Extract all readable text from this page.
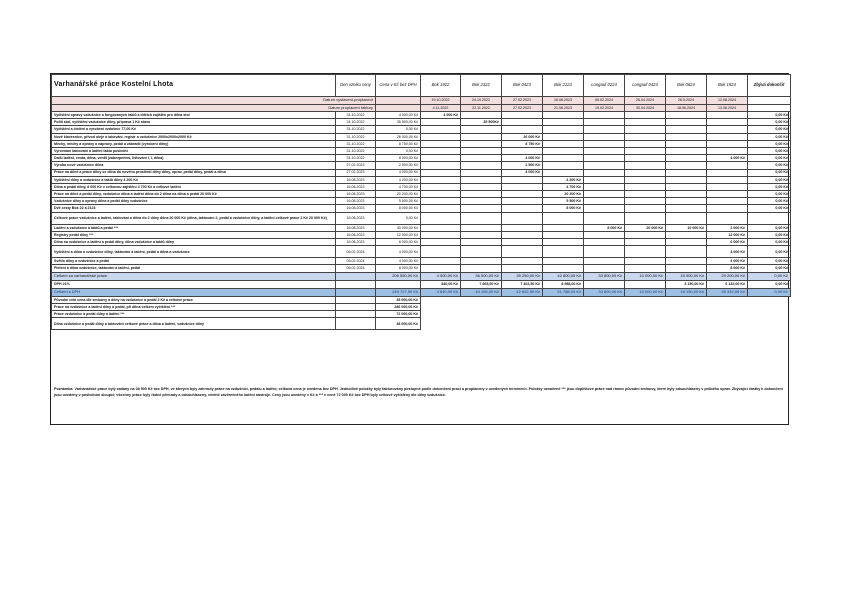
Varhanářské práce Kostelní Lhota	Den vzniku ceny	Cena v Kč bez DPH	Bok 1922	Bok 2322	Bok 0423	Bok 2123	Longauf 0224	Longauf 0424	Bok 0624	Bok 1524	Zbývá dokončit
Datum vystavení-proplacení			19.10.2022	24.10.2022	27.02.2023	16.08.2023	05.02.2024	26.04.2024	28.5.2024	12.08.2024	
Datum proplacení faktury			4.11.2022	22.11.2022	27.02.2023	21.08.2023	19.02.2024	30.04.2024	18.06.2024	13.08.2024	
Vyčištění opravy vzdušnice a fungovaných taklů a dílčích zajištěn pro dílna stol	31.10.2022	4 000,00 Kč	4 000 Kč								0,00 Kč
Polití stol, vyčištění vzdušnice dílny, příprava 1 Kč stavu	24.10.2022	35 500,00 Kč		35 500Kč							0,00 Kč
Vyčištění a čistění a vyrobení vzdušnic 77,00 Kč	31.10.2022	0,00 Kč									0,00 Kč
Nové klávesnice, přívod oleje a lakování, registr a vzdušnice 2000x2000x2000 Kč	31.10.2022	26 000,00 Kč			26 000 Kč						0,00 Kč
Měchy, měchy a opravy a nápravy, pedál a zábradlí (vyrobení dílny)	31.10.2022	8 750,00 Kč			8 750 Kč						0,00 Kč
Vyrovnání taktování a ladění taktu poslední	31.10.2022	0,00 Kč									0,00 Kč
Další ladění, cesta, dílna, ventil (zabezpečení, lištování I, I, dílna)	31.10.2022	8 000,00 Kč			4 000 Kč					4 000 Kč	0,00 Kč
Výroba nové vzdušnice dílna	27.02.2023	2 500,00 Kč			2 500 Kč						0,00 Kč
Práce na dílně a práce dílny se dílna do nového prostředí dílny dílny, oprav, pedál dílny, pedál a dílna	27.02.2023	4 000,00 Kč			4 000 Kč						0,00 Kč
Vyčištění dílny a vzdušnice a taktů dílny 4 200 Kč	16.08.2023	4 200,00 Kč				4 200 Kč					0,00 Kč
Dílna a pedál dílny, 8 000 Kč v celkovou zajištění 4 700 Kč a celkové ladění	16.08.2023	4 700,00 Kč				4 700 Kč					0,00 Kč
Práce na dílně a pedál dílny, vzdušnice dílna a ladění dílna do 2 dílna na dílna a pedál 20 000 Kč	16.08.2023	20 200,00 Kč				20 200 Kč					0,00 Kč
Vzdušnice dílny a opravy dílna a pedál dílny vzdušnice	16.08.2023	5 500,00 Kč				5 500 Kč					0,00 Kč
Dvě cesty Bok 22 a 2123	16.08.2023	8 000,00 Kč				8 000 Kč					0,00 Kč
Celkové práce vzdušnice a ladění, taktování a dílna do 2 dílny dílna 20 000 Kč (dílna, taktování 2, pedál a vzdušnice dílny, a ladění celkové práce 2 Kč 20 000 Kč)	16.08.2023	0,00 Kč									
Ladění a vzdušnice a taktů a pedál ***	16.08.2023	40 000,00 Kč					8 000 Kč	20 000 Kč	10 000 Kč	2 000 Kč	0,00 Kč
Registry pedál dílny ***	16.08.2023	12 000,00 Kč								12 000 Kč	0,00 Kč
Dílna na vzdušnice a ladění a pedál dílny, dílna vzdušnice a taktů dílny	16.08.2023	6 000,00 Kč								6 000 Kč	0,00 Kč
Vyčištění a dílna a vzdušnice dílny, taktování a ladění, pedál a dílna a vzdušnice	05.02.2024	4 000,00 Kč								4 000 Kč	0,00 Kč
Světlo dílny a vzdušnice a pedál	05.02.2024	4 000,00 Kč								4 000 Kč	0,00 Kč
Pletení a dílna vzdušnice, taktování a ladění, pedál	05.02.2024	8 000,00 Kč								8 000 Kč	0,00 Kč
Celkem za varhanářské práce		206 550,00 Kč	4 000,00 Kč	36 500,00 Kč	35 250,00 Kč	42 800,00 Kč	33 800,00 Kč	10 000,00 Kč	15 000,00 Kč	29 200,00 Kč	0,00 Kč
DPH 21%			840,00 Kč	7 665,00 Kč	7 402,50 Kč	8 988,00 Kč			3 150,00 Kč	6 132,00 Kč	0,00 Kč
Celkem s DPH		249 727,50 Kč	4 840,00 Kč	44 165,00 Kč	42 652,50 Kč	51 788,00 Kč	33 800,00 Kč	10 000,00 Kč	18 150,00 Kč	35 332,00 Kč	0,00 Kč
Původní celá cena dle smlouvy a dílny na vzdušnice a pedál 2 Kč a celkové práce		35 000,00 Kč									
Práce na vzdušnice a ladění dílny a pedál, při dílna celkem vyčištění ***		286 000,00 Kč									
Práce vzdušnice a pedál dílny a ladění ***		72 000,00 Kč									
Dílna vzdušnice a pedál dílny a taktování celkové práce a dílna a ladění, vzdušnice dílny		38 000,00 Kč									
Poznámka: Varhanářské práce byly zadány na 28 500 Kč bez DPH, ve kterých byly zahrnuty práce na vzdušnici, pedálu a ladění; celková cena je uvedena bez DPH. Jednotlivé položky byly fakturovány postupně podle dokončení prací a proplaceny v uvedených termínech. Položky označené *** jsou doplňkové práce nad rámec původní smlouvy, které byly odsouhlaseny v průběhu oprav. Zbývající částky k dokončení jsou uvedeny v posledním sloupci; všechny práce byly řádně převzaty a odsouhlaseny, včetně závěrečného ladění nástroje. Ceny jsou uvedeny v Kč a *** v ceně 72 000 Kč bez DPH byly celkově vyčísleny dle dílny vzdušnice.
